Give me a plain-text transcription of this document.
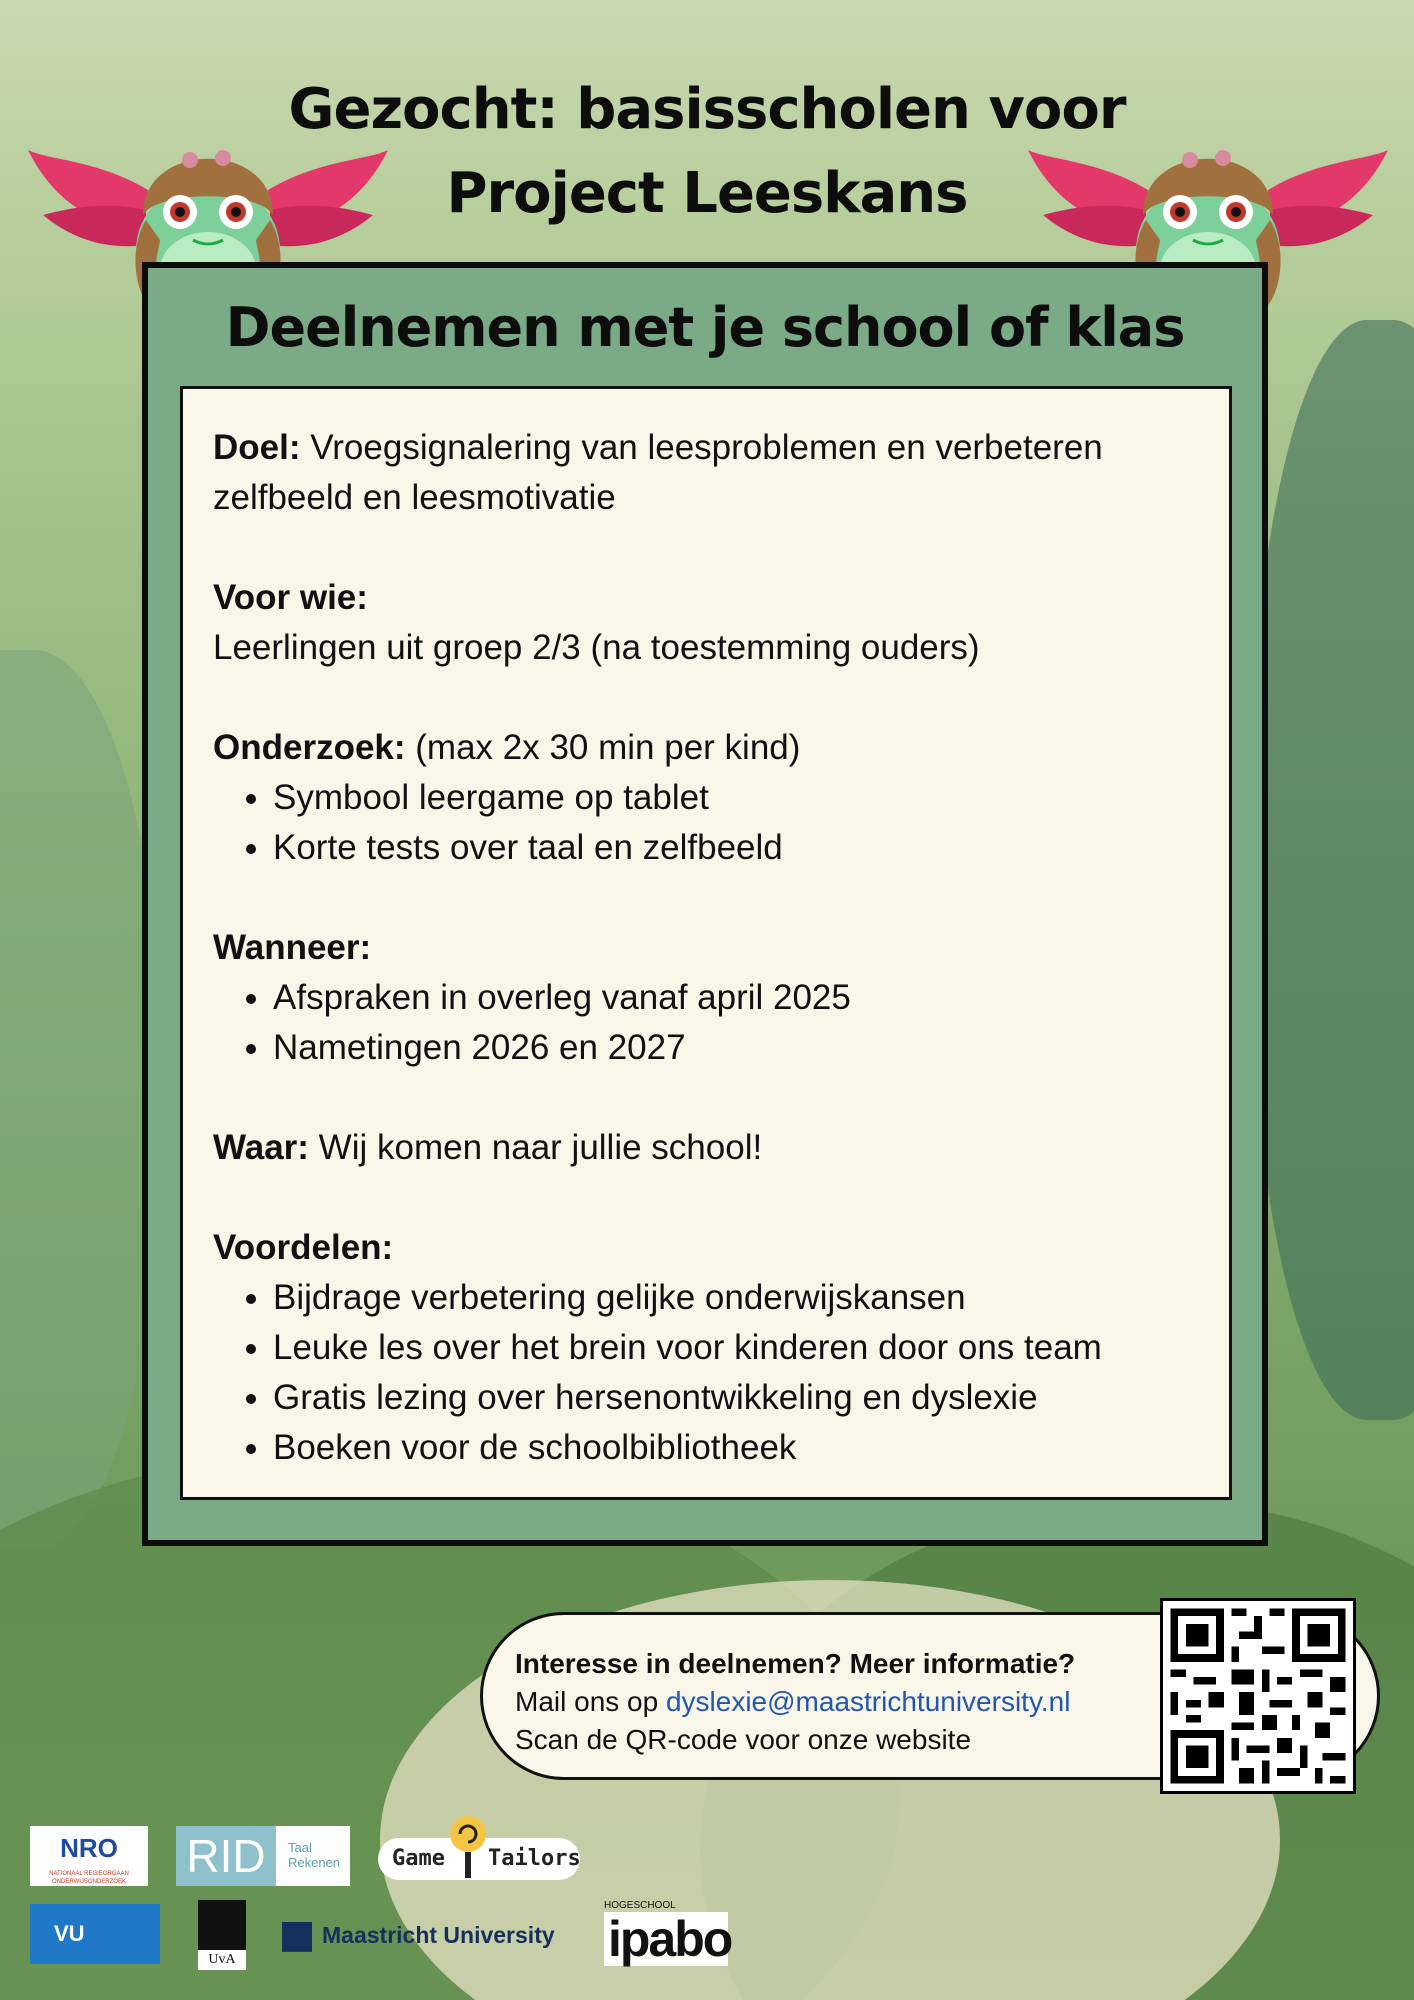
Gezocht: basisscholen voor
Project Leeskans
Deelnemen met je school of klas

Doel: Vroegsignalering van leesproblemen en verbeteren zelfbeeld en leesmotivatie

Voor wie:

Leerlingen uit groep 2/3 (na toestemming ouders)

Onderzoek: (max 2x 30 min per kind)

• Symbool leergame op tablet
• Korte tests over taal en zelfbeeld

Wanneer:

• Afspraken in overleg vanaf april 2025
• Nametingen 2026 en 2027

Waar: Wij komen naar jullie school!

Voordelen:

• Bijdrage verbetering gelijke onderwijskansen
• Leuke les over het brein voor kinderen door ons team
• Gratis lezing over hersenontwikkeling en dyslexie
• Boeken voor de schoolbibliotheek
Interesse in deelnemen? Meer informatie?
Mail ons op dyslexie@maastrichtuniversity.nl
Scan de QR-code voor onze website
NRO
NATIONAAL REGIEORGAAN ONDERWIJSONDERZOEK	RID	Taal
Rekenen Game Tailors
VU
UvA
Maastricht University
HOGESCHOOL
ipabo
